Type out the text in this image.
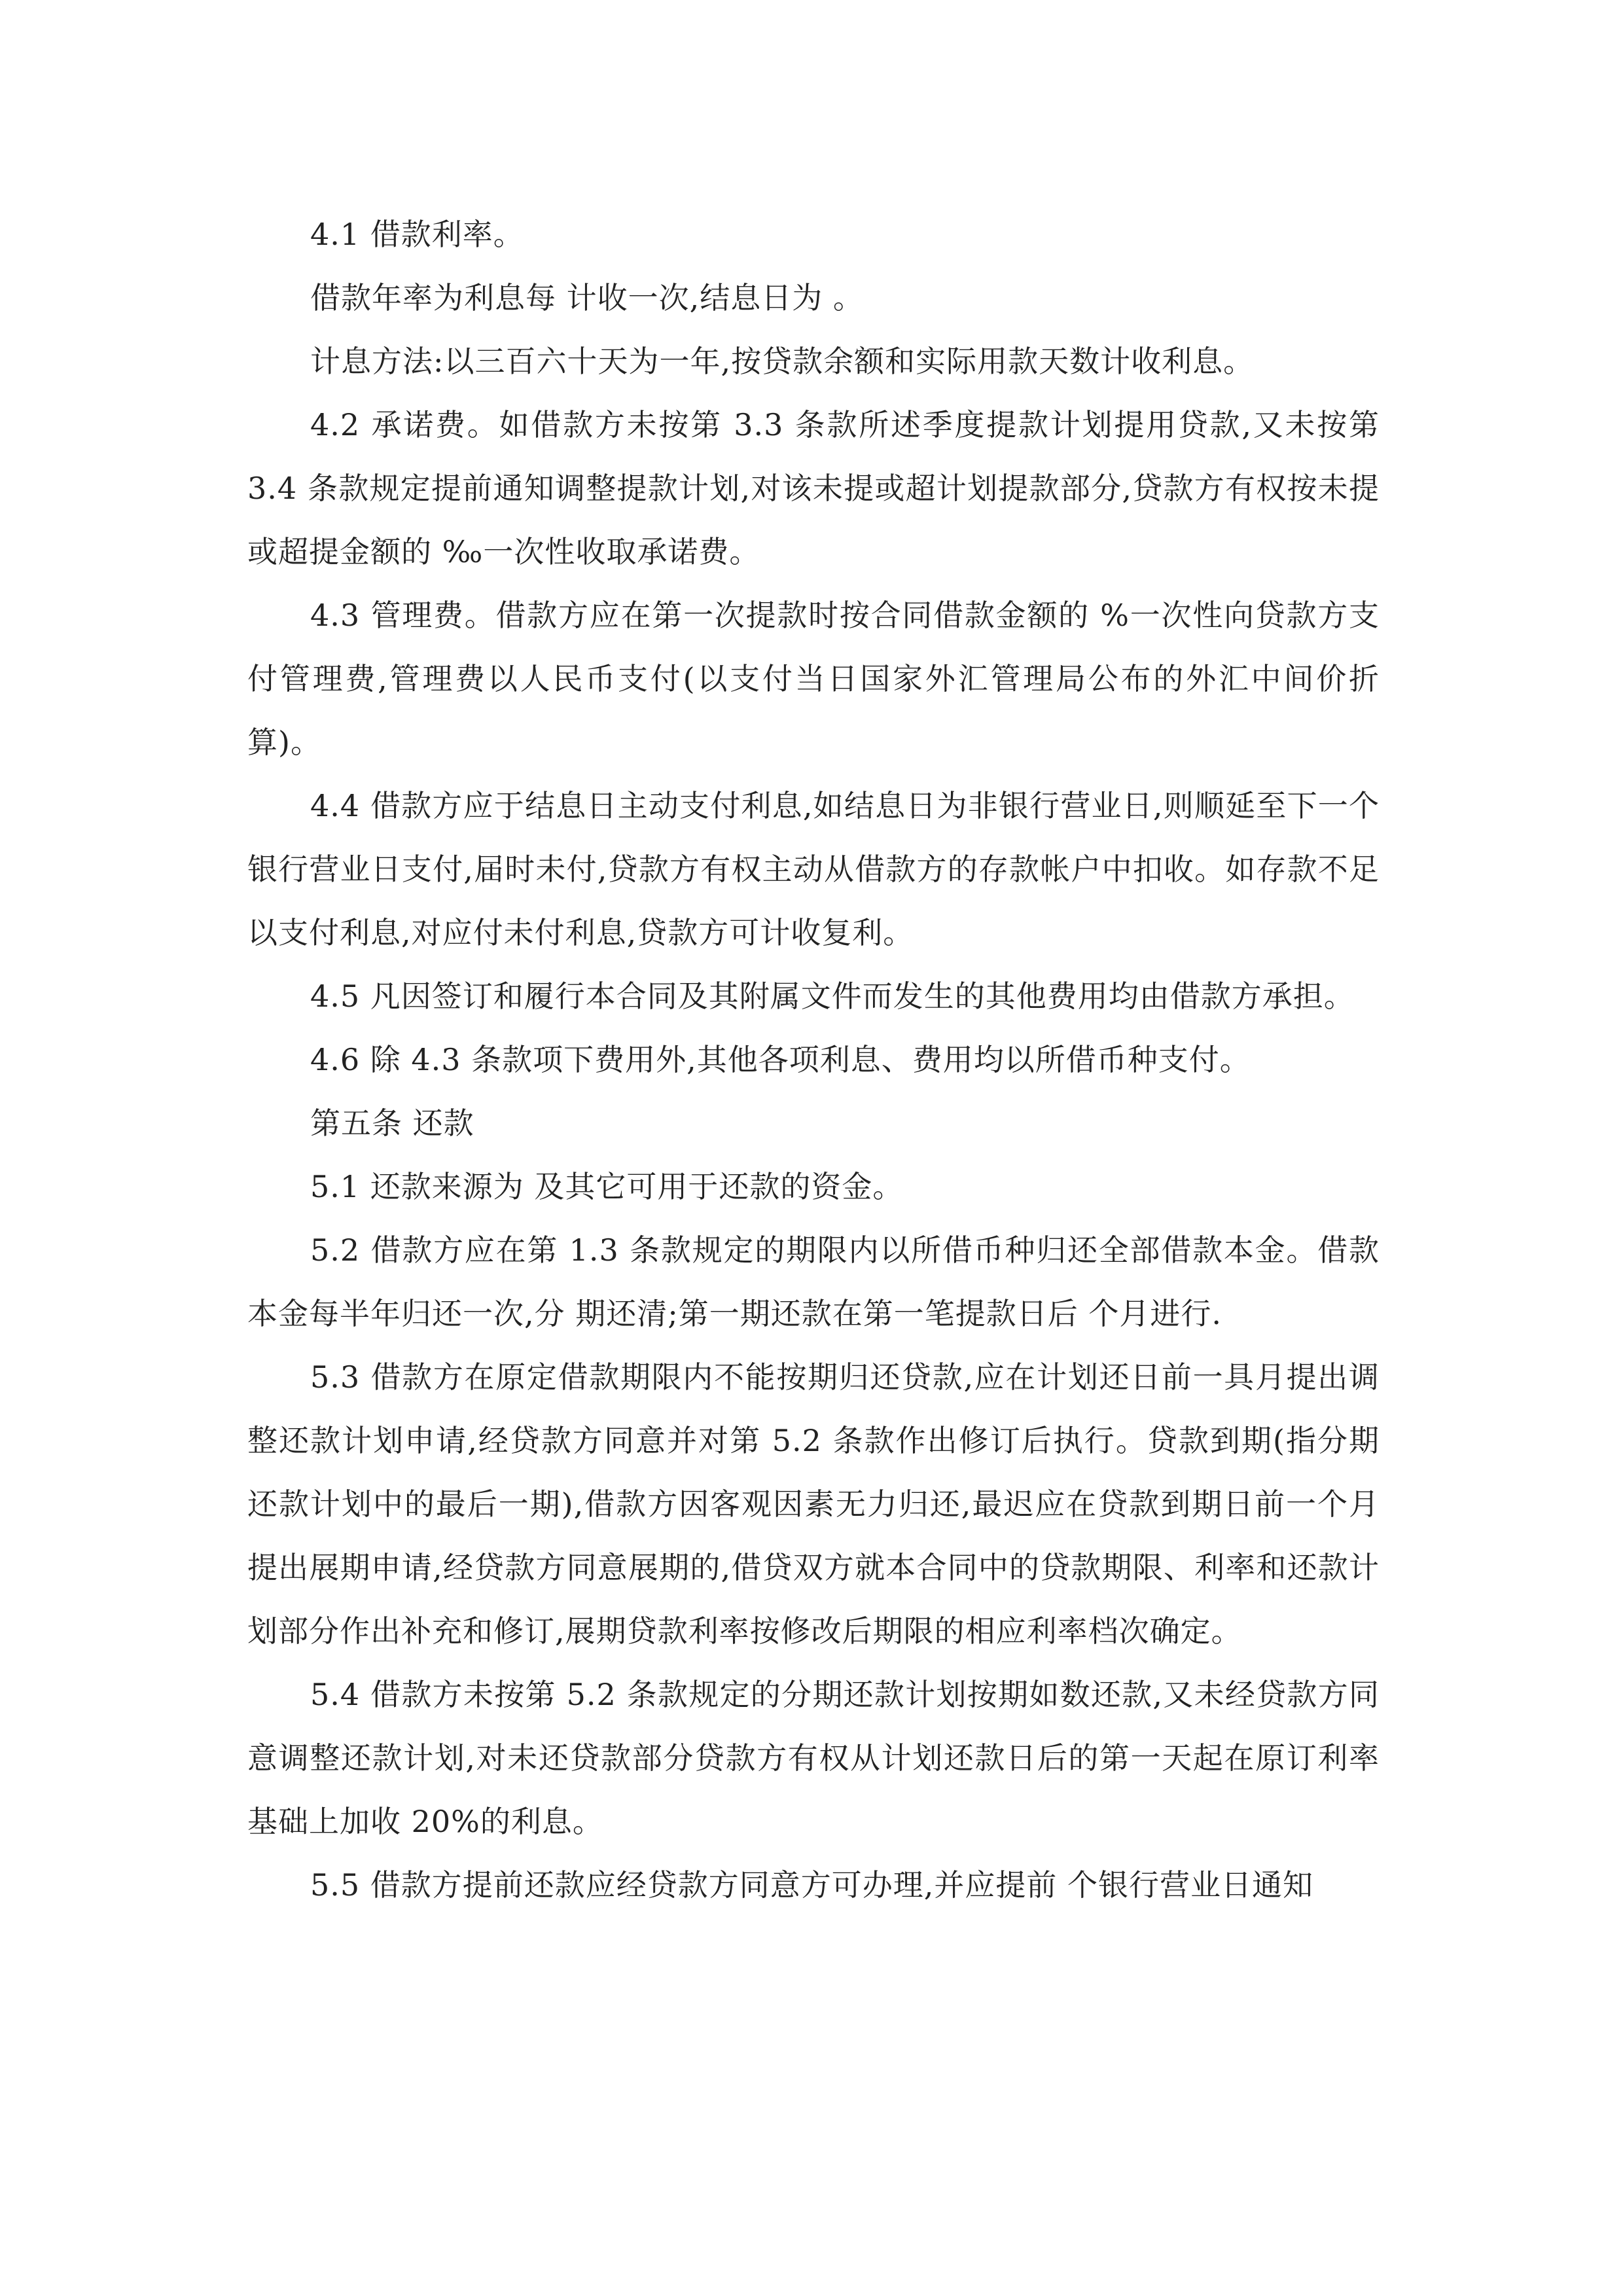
4.1 借款利率。

借款年率为利息每 计收一次,结息日为 。

计息方法:以三百六十天为一年,按贷款余额和实际用款天数计收利息。

4.2 承诺费。如借款方未按第 3.3 条款所述季度提款计划提用贷款,又未按第 3.4 条款规定提前通知调整提款计划,对该未提或超计划提款部分,贷款方有权按未提或超提金额的 ‰一次性收取承诺费。

4.3 管理费。借款方应在第一次提款时按合同借款金额的 %一次性向贷款方支付管理费,管理费以人民币支付(以支付当日国家外汇管理局公布的外汇中间价折算)。

4.4 借款方应于结息日主动支付利息,如结息日为非银行营业日,则顺延至下一个银行营业日支付,届时未付,贷款方有权主动从借款方的存款帐户中扣收。如存款不足以支付利息,对应付未付利息,贷款方可计收复利。

4.5 凡因签订和履行本合同及其附属文件而发生的其他费用均由借款方承担。

4.6 除 4.3 条款项下费用外,其他各项利息、费用均以所借币种支付。

第五条 还款

5.1 还款来源为 及其它可用于还款的资金。

5.2 借款方应在第 1.3 条款规定的期限内以所借币种归还全部借款本金。借款本金每半年归还一次,分 期还清;第一期还款在第一笔提款日后 个月进行.

5.3 借款方在原定借款期限内不能按期归还贷款,应在计划还日前一具月提出调整还款计划申请,经贷款方同意并对第 5.2 条款作出修订后执行。贷款到期(指分期还款计划中的最后一期),借款方因客观因素无力归还,最迟应在贷款到期日前一个月提出展期申请,经贷款方同意展期的,借贷双方就本合同中的贷款期限、利率和还款计划部分作出补充和修订,展期贷款利率按修改后期限的相应利率档次确定。

5.4 借款方未按第 5.2 条款规定的分期还款计划按期如数还款,又未经贷款方同意调整还款计划,对未还贷款部分贷款方有权从计划还款日后的第一天起在原订利率基础上加收 20%的利息。

5.5 借款方提前还款应经贷款方同意方可办理,并应提前 个银行营业日通知
